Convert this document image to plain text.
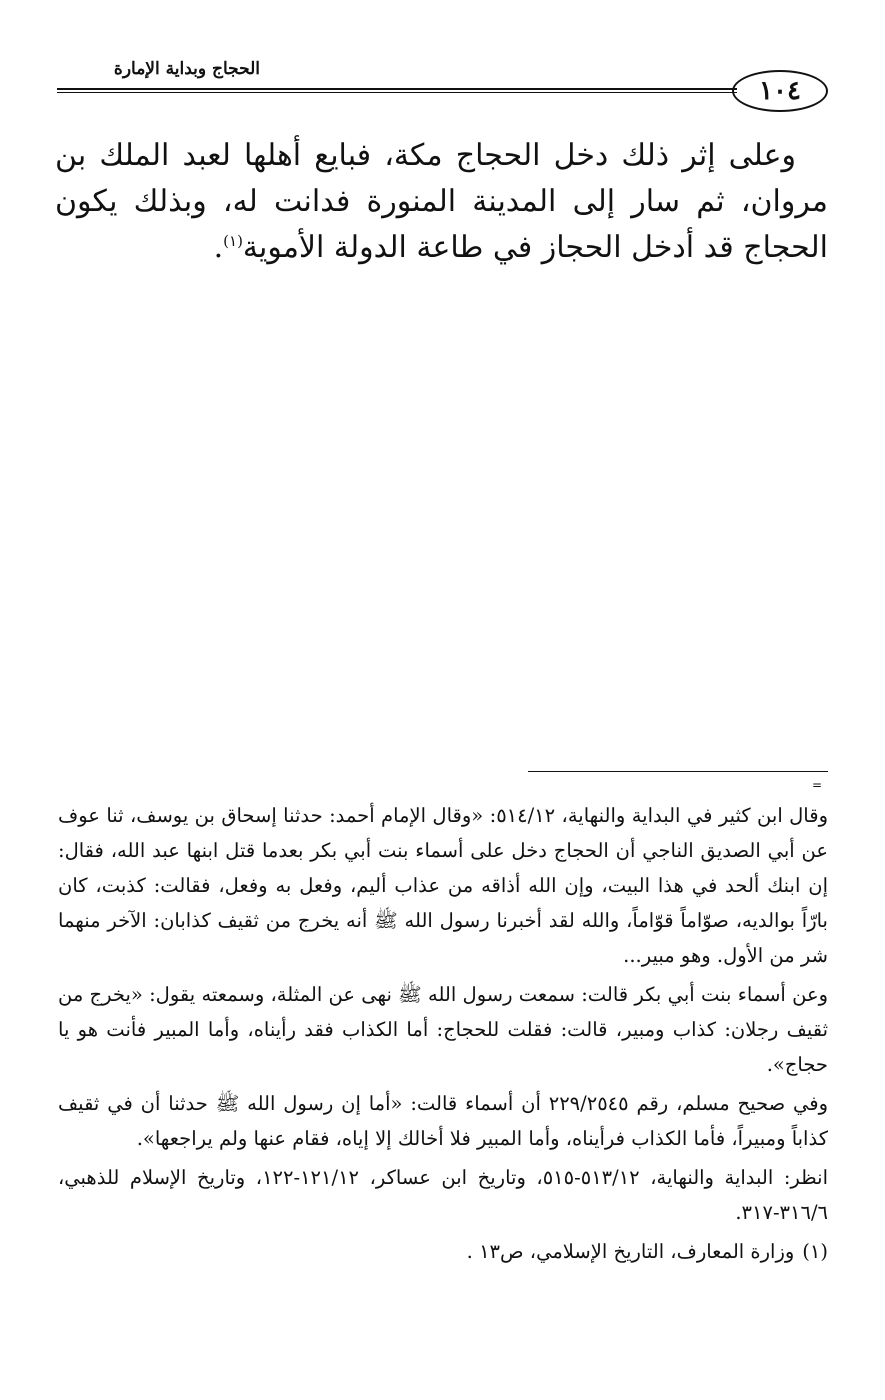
الحجاج وبداية الإمارة
١٠٤

وعلى إثر ذلك دخل الحجاج مكة، فبايع أهلها لعبد الملك بن مروان، ثم سار إلى المدينة المنورة فدانت له، وبذلك يكون الحجاج قد أدخل الحجاز في طاعة الدولة الأموية$^{(١)}$.

=

وقال ابن كثير في البداية والنهاية، ٥١٤/١٢: «وقال الإمام أحمد: حدثنا إسحاق بن يوسف، ثنا عوف عن أبي الصديق الناجي أن الحجاج دخل على أسماء بنت أبي بكر بعدما قتل ابنها عبد الله، فقال: إن ابنك ألحد في هذا البيت، وإن الله أذاقه من عذاب أليم، وفعل به وفعل، فقالت: كذبت، كان بارّاً بوالديه، صوّاماً قوّاماً، والله لقد أخبرنا رسول الله ﷺ أنه يخرج من ثقيف كذابان: الآخر منهما شر من الأول. وهو مبير...

وعن أسماء بنت أبي بكر قالت: سمعت رسول الله ﷺ نهى عن المثلة، وسمعته يقول: «يخرج من ثقيف رجلان: كذاب ومبير، قالت: فقلت للحجاج: أما الكذاب فقد رأيناه، وأما المبير فأنت هو يا حجاج».

وفي صحيح مسلم، رقم ٢٢٩/٢٥٤٥ أن أسماء قالت: «أما إن رسول الله ﷺ حدثنا أن في ثقيف كذاباً ومبيراً، فأما الكذاب فرأيناه، وأما المبير فلا أخالك إلا إياه، فقام عنها ولم يراجعها».

انظر: البداية والنهاية، ٥١٣/١٢-٥١٥، وتاريخ ابن عساكر، ١٢١/١٢-١٢٢، وتاريخ الإسلام للذهبي، ٣١٦/٦-٣١٧.

(١)وزارة المعارف، التاريخ الإسلامي، ص١٣ .
